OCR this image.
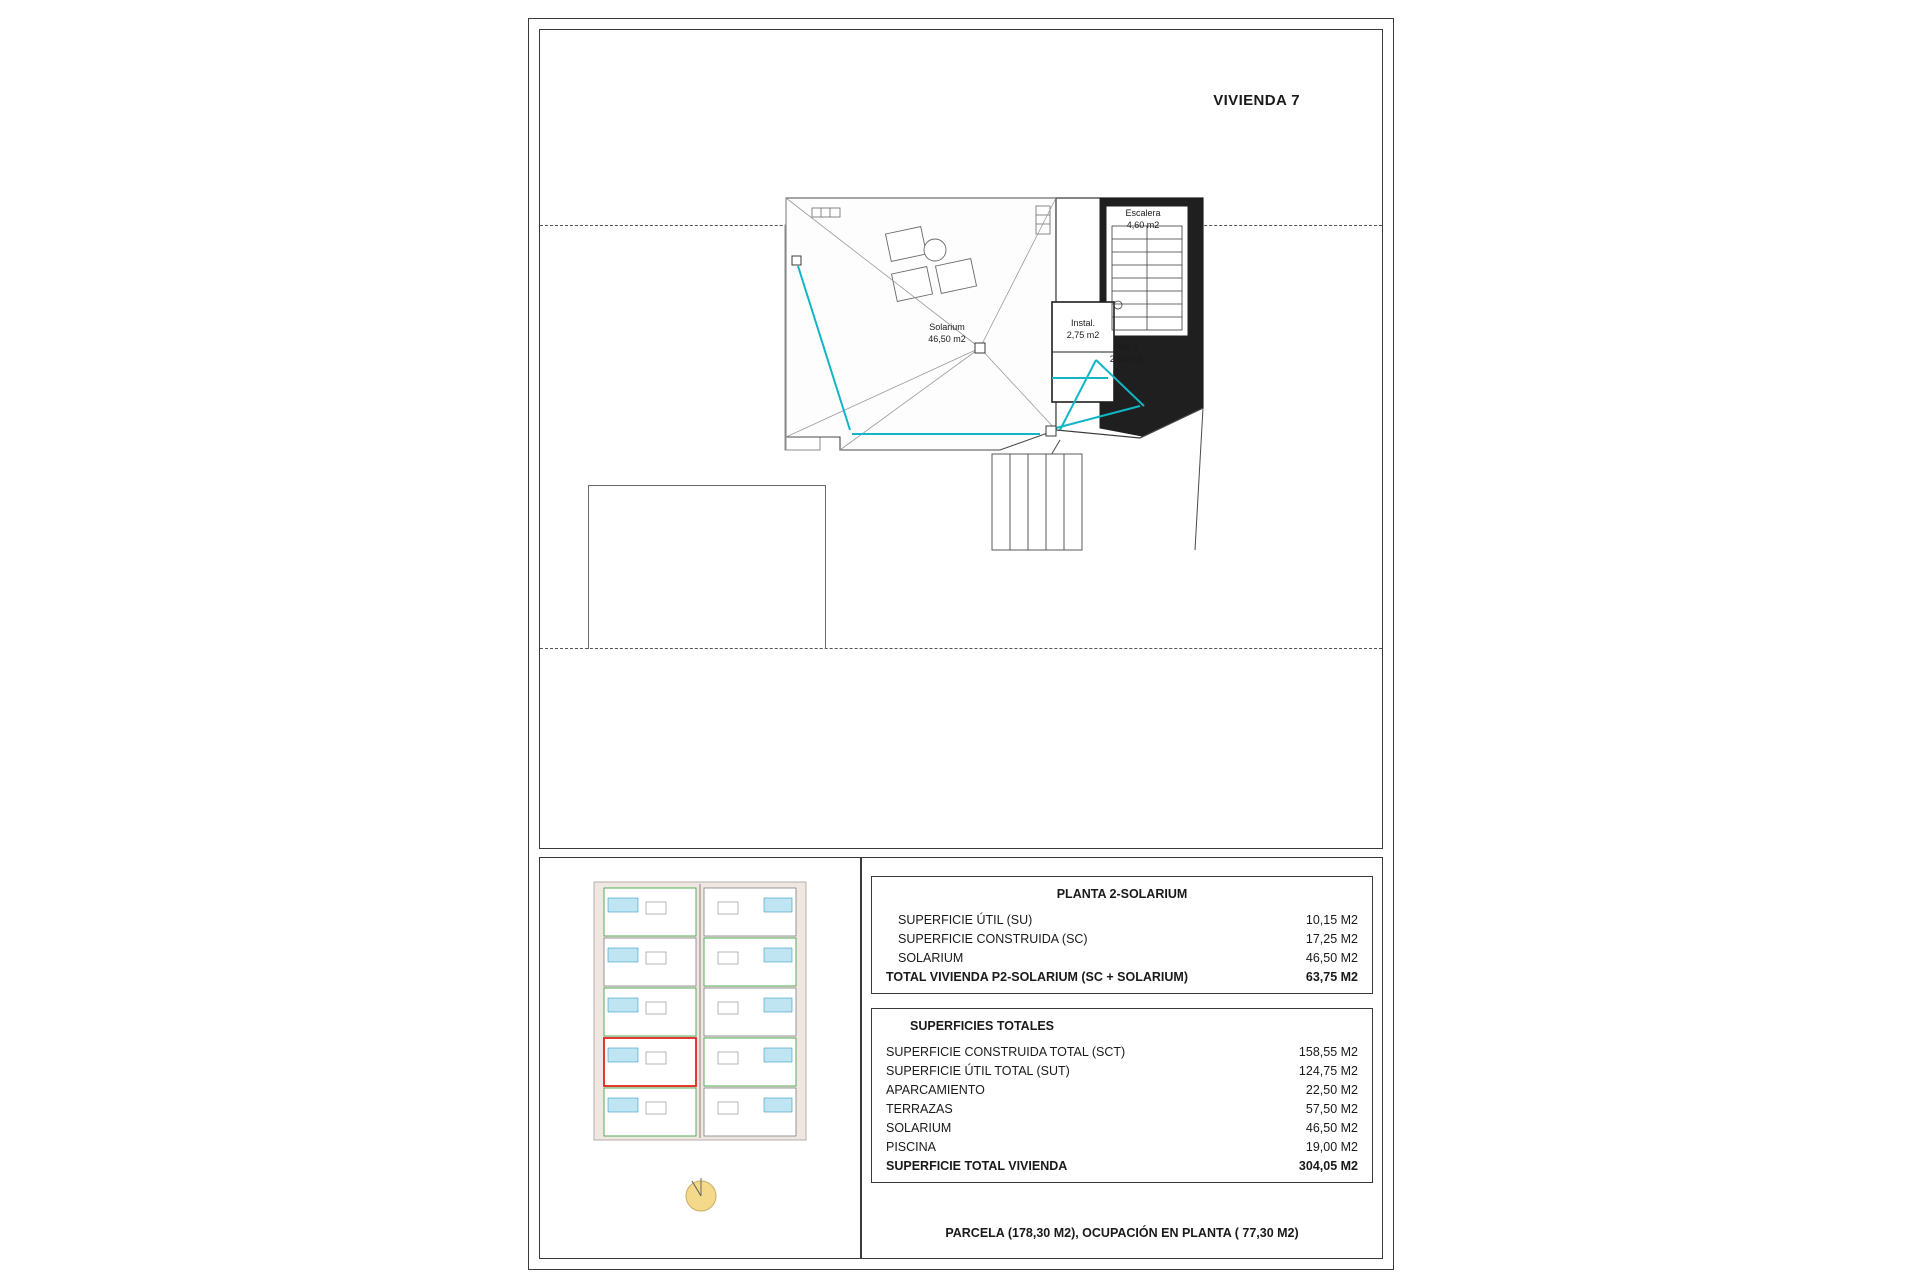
VIVIENDA 7
Solarium
46,50 m2
Escalera
4,60 m2
Instal.
2,75 m2
Hall 3
2,80 m2
PLANTA 2-SOLARIUM
SUPERFICIE ÚTIL (SU)	10,15 M2
SUPERFICIE CONSTRUIDA (SC)	17,25 M2
SOLARIUM	46,50 M2
TOTAL VIVIENDA P2-SOLARIUM (SC + SOLARIUM)	63,75 M2
SUPERFICIES TOTALES
SUPERFICIE CONSTRUIDA TOTAL (SCT)	158,55 M2
SUPERFICIE ÚTIL TOTAL (SUT)	124,75 M2
APARCAMIENTO	22,50 M2
TERRAZAS	57,50 M2
SOLARIUM	46,50 M2
PISCINA	19,00 M2
SUPERFICIE TOTAL VIVIENDA	304,05 M2
PARCELA (178,30 M2), OCUPACIÓN EN PLANTA ( 77,30 M2)
